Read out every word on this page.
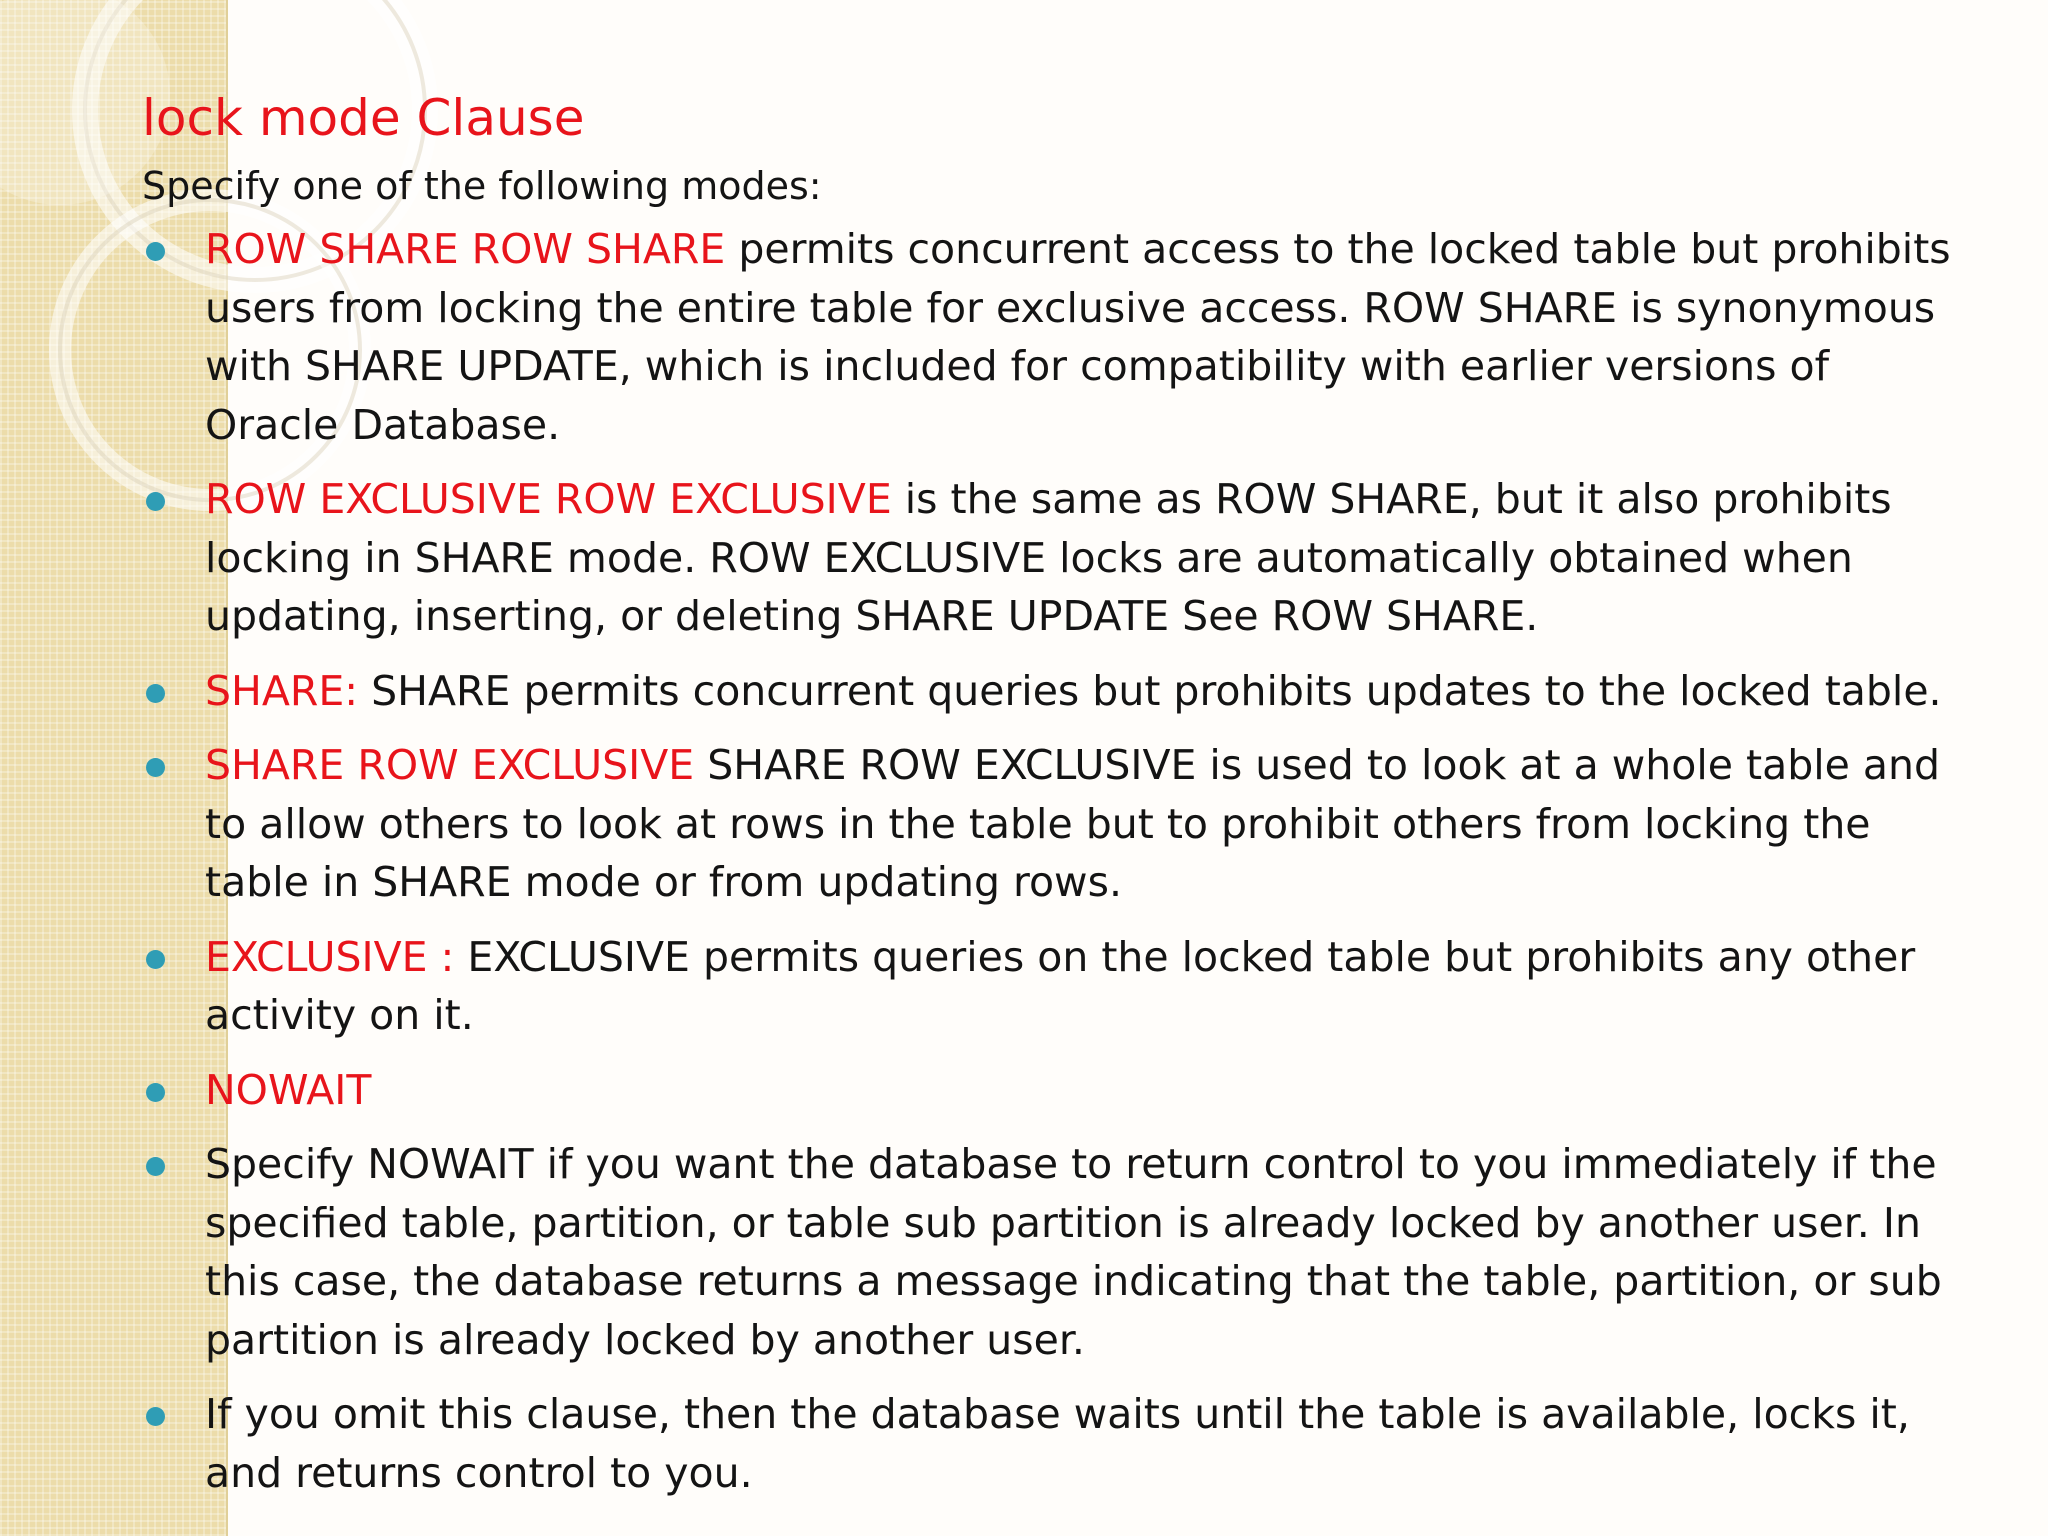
lock mode Clause
Specify one of the following modes:
ROW SHARE ROW SHARE permits concurrent access to the locked table but prohibits users from locking the entire table for exclusive access. ROW SHARE is synonymous with SHARE UPDATE, which is included for compatibility with earlier versions of Oracle Database.
ROW EXCLUSIVE ROW EXCLUSIVE is the same as ROW SHARE, but it also prohibits locking in SHARE mode. ROW EXCLUSIVE locks are automatically obtained when updating, inserting, or deleting SHARE UPDATE See ROW SHARE.
SHARE: SHARE permits concurrent queries but prohibits updates to the locked table.
SHARE ROW EXCLUSIVE SHARE ROW EXCLUSIVE is used to look at a whole table and to allow others to look at rows in the table but to prohibit others from locking the table in SHARE mode or from updating rows.
EXCLUSIVE : EXCLUSIVE permits queries on the locked table but prohibits any other activity on it.
NOWAIT
Specify NOWAIT if you want the database to return control to you immediately if the specified table, partition, or table sub partition is already locked by another user. In this case, the database returns a message indicating that the table, partition, or sub partition is already locked by another user.
If you omit this clause, then the database waits until the table is available, locks it, and returns control to you.
